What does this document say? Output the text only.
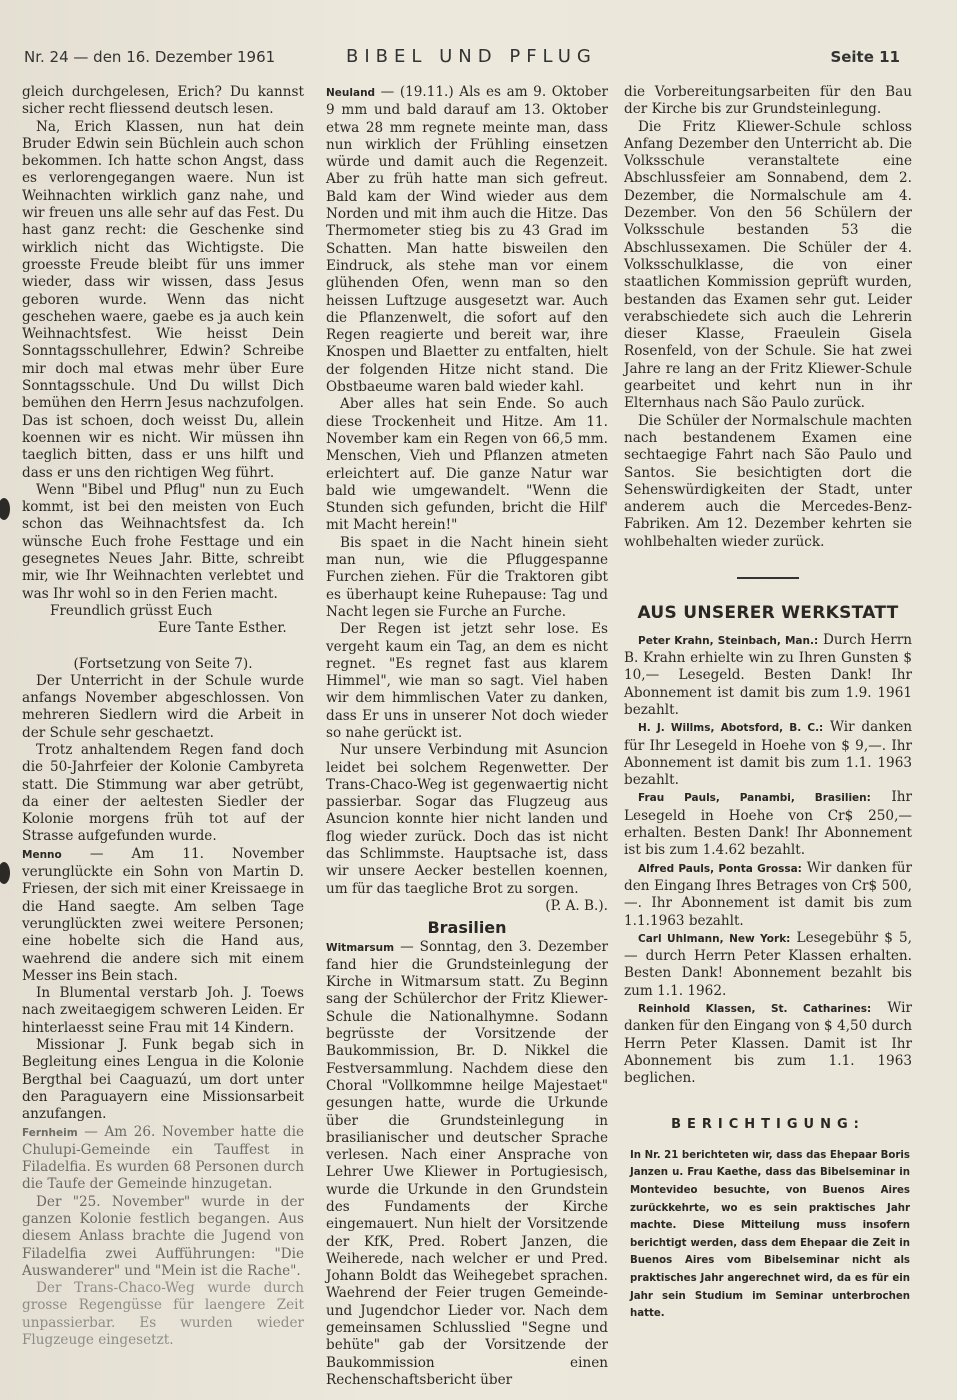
Nr. 24 — den 16. Dezember 1961	BIBEL UND PFLUG	Seite 11

gleich durchgelesen, Erich? Du kannst sicher recht fliessend deutsch lesen.

Na, Erich Klassen, nun hat dein Bruder Edwin sein Büchlein auch schon bekommen. Ich hatte schon Angst, dass es verlorengegangen waere. Nun ist Weihnachten wirklich ganz nahe, und wir freuen uns alle sehr auf das Fest. Du hast ganz recht: die Geschenke sind wirklich nicht das Wichtigste. Die groesste Freude bleibt für uns immer wieder, dass wir wissen, dass Jesus geboren wurde. Wenn das nicht geschehen waere, gaebe es ja auch kein Weihnachtsfest. Wie heisst Dein Sonntagsschullehrer, Edwin? Schreibe mir doch mal etwas mehr über Eure Sonntagsschule. Und Du willst Dich bemühen den Herrn Jesus nachzufolgen. Das ist schoen, doch weisst Du, allein koennen wir es nicht. Wir müssen ihn taeglich bitten, dass er uns hilft und dass er uns den richtigen Weg führt.

Wenn "Bibel und Pflug" nun zu Euch kommt, ist bei den meisten von Euch schon das Weihnachtsfest da. Ich wünsche Euch frohe Festtage und ein gesegnetes Neues Jahr. Bitte, schreibt mir, wie Ihr Weihnachten verlebtet und was Ihr wohl so in den Ferien macht.

Freundlich grüsst Euch

Eure Tante Esther.

(Fortsetzung von Seite 7).

Der Unterricht in der Schule wurde anfangs November abgeschlossen. Von mehreren Siedlern wird die Arbeit in der Schule sehr geschaetzt.

Trotz anhaltendem Regen fand doch die 50-Jahrfeier der Kolonie Cambyreta statt. Die Stimmung war aber getrübt, da einer der aeltesten Siedler der Kolonie morgens früh tot auf der Strasse aufgefunden wurde.

Menno — Am 11. November verunglückte ein Sohn von Martin D. Friesen, der sich mit einer Kreissaege in die Hand saegte. Am selben Tage verunglückten zwei weitere Personen; eine hobelte sich die Hand aus, waehrend die andere sich mit einem Messer ins Bein stach.

In Blumental verstarb Joh. J. Toews nach zweitaegigem schweren Leiden. Er hinterlaesst seine Frau mit 14 Kindern.

Missionar J. Funk begab sich in Begleitung eines Lengua in die Kolonie Bergthal bei Caaguazú, um dort unter den Paraguayern eine Missionsarbeit anzufangen.

Fernheim — Am 26. November hatte die Chulupi-Gemeinde ein Tauffest in Filadelfia. Es wurden 68 Personen durch die Taufe der Gemeinde hinzugetan.

Der "25. November" wurde in der ganzen Kolonie festlich begangen. Aus diesem Anlass brachte die Jugend von Filadelfia zwei Aufführungen: "Die Auswanderer" und "Mein ist die Rache".

Der Trans-Chaco-Weg wurde durch grosse Regengüsse für laengere Zeit unpassierbar. Es wurden wieder Flugzeuge eingesetzt.

Neuland — (19.11.) Als es am 9. Oktober 9 mm und bald darauf am 13. Oktober etwa 28 mm regnete meinte man, dass nun wirklich der Frühling einsetzen würde und damit auch die Regenzeit. Aber zu früh hatte man sich gefreut. Bald kam der Wind wieder aus dem Norden und mit ihm auch die Hitze. Das Thermometer stieg bis zu 43 Grad im Schatten. Man hatte bisweilen den Eindruck, als stehe man vor einem glühenden Ofen, wenn man so den heissen Luftzuge ausgesetzt war. Auch die Pflanzenwelt, die sofort auf den Regen reagierte und bereit war, ihre Knospen und Blaetter zu entfalten, hielt der folgenden Hitze nicht stand. Die Obstbaeume waren bald wieder kahl.

Aber alles hat sein Ende. So auch diese Trockenheit und Hitze. Am 11. November kam ein Regen von 66,5 mm. Menschen, Vieh und Pflanzen atmeten erleichtert auf. Die ganze Natur war bald wie umgewandelt. "Wenn die Stunden sich gefunden, bricht die Hilf' mit Macht herein!"

Bis spaet in die Nacht hinein sieht man nun, wie die Pfluggespanne Furchen ziehen. Für die Traktoren gibt es überhaupt keine Ruhepause: Tag und Nacht legen sie Furche an Furche.

Der Regen ist jetzt sehr lose. Es vergeht kaum ein Tag, an dem es nicht regnet. "Es regnet fast aus klarem Himmel", wie man so sagt. Viel haben wir dem himmlischen Vater zu danken, dass Er uns in unserer Not doch wieder so nahe gerückt ist.

Nur unsere Verbindung mit Asuncion leidet bei solchem Regenwetter. Der Trans-Chaco-Weg ist gegenwaertig nicht passierbar. Sogar das Flugzeug aus Asuncion konnte hier nicht landen und flog wieder zurück. Doch das ist nicht das Schlimmste. Hauptsache ist, dass wir unsere Aecker bestellen koennen, um für das taegliche Brot zu sorgen.

(P. A. B.).

Brasilien

Witmarsum — Sonntag, den 3. Dezember fand hier die Grundsteinlegung der Kirche in Witmarsum statt. Zu Beginn sang der Schülerchor der Fritz Kliewer-Schule die Nationalhymne. Sodann begrüsste der Vorsitzende der Baukommission, Br. D. Nikkel die Festversammlung. Nachdem diese den Choral "Vollkommne heilge Majestaet" gesungen hatte, wurde die Urkunde über die Grundsteinlegung in brasilianischer und deutscher Sprache verlesen. Nach einer Ansprache von Lehrer Uwe Kliewer in Portugiesisch, wurde die Urkunde in den Grundstein des Fundaments der Kirche eingemauert. Nun hielt der Vorsitzende der KfK, Pred. Robert Janzen, die Weiherede, nach welcher er und Pred. Johann Boldt das Weihegebet sprachen. Waehrend der Feier trugen Gemeinde- und Jugendchor Lieder vor. Nach dem gemeinsamen Schlusslied "Segne und behüte" gab der Vorsitzende der Baukommission einen Rechenschaftsbericht über

die Vorbereitungsarbeiten für den Bau der Kirche bis zur Grundsteinlegung.

Die Fritz Kliewer-Schule schloss Anfang Dezember den Unterricht ab. Die Volksschule veranstaltete eine Abschlussfeier am Sonnabend, dem 2. Dezember, die Normalschule am 4. Dezember. Von den 56 Schülern der Volksschule bestanden 53 die Abschlussexamen. Die Schüler der 4. Volksschulklasse, die von einer staatlichen Kommission geprüft wurden, bestanden das Examen sehr gut. Leider verabschiedete sich auch die Lehrerin dieser Klasse, Fraeulein Gisela Rosenfeld, von der Schule. Sie hat zwei Jahre re lang an der Fritz Kliewer-Schule gearbeitet und kehrt nun in ihr Elternhaus nach São Paulo zurück.

Die Schüler der Normalschule machten nach bestandenem Examen eine sechtaegige Fahrt nach São Paulo und Santos. Sie besichtigten dort die Sehenswürdigkeiten der Stadt, unter anderem auch die Mercedes-Benz-Fabriken. Am 12. Dezember kehrten sie wohlbehalten wieder zurück.

AUS UNSERER WERKSTATT

Peter Krahn, Steinbach, Man.: Durch Herrn B. Krahn erhielte win zu Ihren Gunsten $ 10,— Lesegeld. Besten Dank! Ihr Abonnement ist damit bis zum 1.9. 1961 bezahlt.

H. J. Willms, Abotsford, B. C.: Wir danken für Ihr Lesegeld in Hoehe von $ 9,—. Ihr Abonnement ist damit bis zum 1.1. 1963 bezahlt.

Frau Pauls, Panambi, Brasilien: Ihr Lesegeld in Hoehe von Cr$ 250,— erhalten. Besten Dank! Ihr Abonnement ist bis zum 1.4.62 bezahlt.

Alfred Pauls, Ponta Grossa: Wir danken für den Eingang Ihres Betrages von Cr$ 500,—. Ihr Abonnement ist damit bis zum 1.1.1963 bezahlt.

Carl Uhlmann, New York: Lesegebühr $ 5,— durch Herrn Peter Klassen erhalten. Besten Dank! Abonnement bezahlt bis zum 1.1. 1962.

Reinhold Klassen, St. Catharines: Wir danken für den Eingang von $ 4,50 durch Herrn Peter Klassen. Damit ist Ihr Abonnement bis zum 1.1. 1963 beglichen.

BERICHTIGUNG:
In Nr. 21 berichteten wir, dass das Ehepaar Boris Janzen u. Frau Kaethe, dass das Bibelseminar in Montevideo besuchte, von Buenos Aires zurückkehrte, wo es sein praktisches Jahr machte. Diese Mitteilung muss insofern berichtigt werden, dass dem Ehepaar die Zeit in Buenos Aires vom Bibelseminar nicht als praktisches Jahr angerechnet wird, da es für ein Jahr sein Studium im Seminar unterbrochen hatte.
